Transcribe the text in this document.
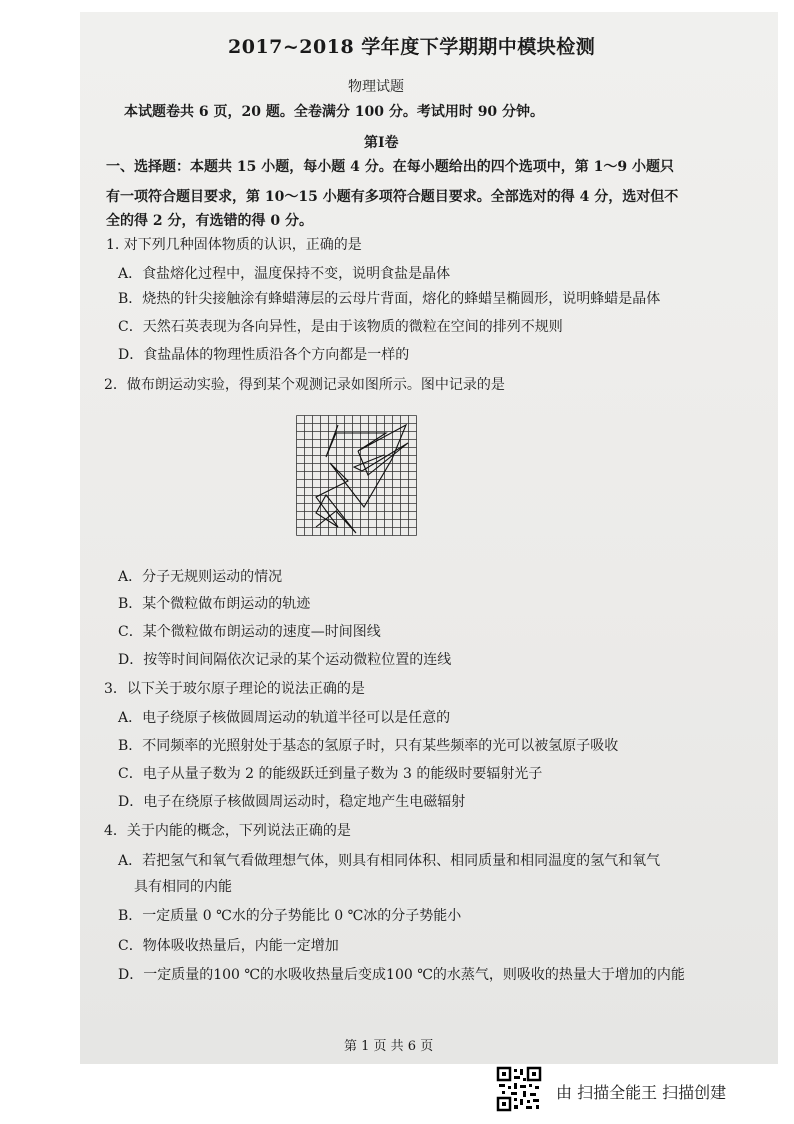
2017~2018 学年度下学期期中模块检测
物理试题
本试题卷共 6 页，20 题。全卷满分 100 分。考试用时 90 分钟。
第Ⅰ卷
一、选择题：本题共 15 小题，每小题 4 分。在每小题给出的四个选项中，第 1～9 小题只
有一项符合题目要求，第 10～15 小题有多项符合题目要求。全部选对的得 4 分，选对但不
全的得 2 分，有选错的得 0 分。
1. 对下列几种固体物质的认识，正确的是
A．食盐熔化过程中，温度保持不变，说明食盐是晶体
B．烧热的针尖接触涂有蜂蜡薄层的云母片背面，熔化的蜂蜡呈椭圆形，说明蜂蜡是晶体
C．天然石英表现为各向异性，是由于该物质的微粒在空间的排列不规则
D．食盐晶体的物理性质沿各个方向都是一样的
2．做布朗运动实验，得到某个观测记录如图所示。图中记录的是
A．分子无规则运动的情况
B．某个微粒做布朗运动的轨迹
C．某个微粒做布朗运动的速度—时间图线
D．按等时间间隔依次记录的某个运动微粒位置的连线
3．以下关于玻尔原子理论的说法正确的是
A．电子绕原子核做圆周运动的轨道半径可以是任意的
B．不同频率的光照射处于基态的氢原子时，只有某些频率的光可以被氢原子吸收
C．电子从量子数为 2 的能级跃迁到量子数为 3 的能级时要辐射光子
D．电子在绕原子核做圆周运动时，稳定地产生电磁辐射
4．关于内能的概念，下列说法正确的是
A．若把氢气和氧气看做理想气体，则具有相同体积、相同质量和相同温度的氢气和氧气
具有相同的内能
B．一定质量 0 ℃水的分子势能比 0 ℃冰的分子势能小
C．物体吸收热量后，内能一定增加
D．一定质量的100 ℃的水吸收热量后变成100 ℃的水蒸气，则吸收的热量大于增加的内能
第 1 页 共 6 页
由 扫描全能王 扫描创建
